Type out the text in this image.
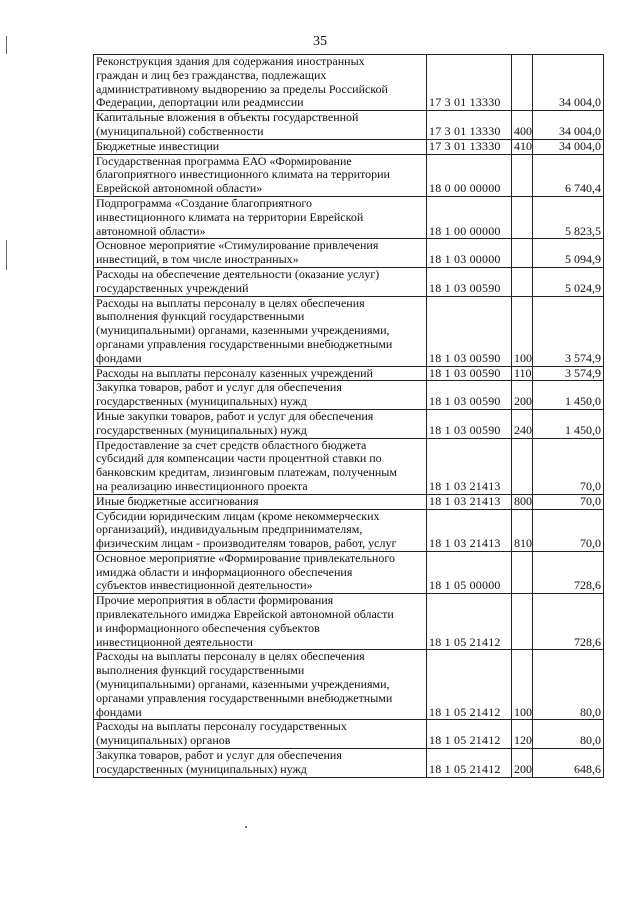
35
Реконструкция здания для содержания иностранных
граждан и лиц без гражданства, подлежащих
административному выдворению за пределы Российской
Федерации, депортации или реадмиссии	17 3 01 13330		34 004,0

Капитальные вложения в объекты государственной
(муниципальной) собственности	17 3 01 13330	400	34 004,0

Бюджетные инвестиции	17 3 01 13330	410	34 004,0

Государственная программа ЕАО «Формирование
благоприятного инвестиционного климата на территории
Еврейской автономной области»	18 0 00 00000		6 740,4

Подпрограмма «Создание благоприятного
инвестиционного климата на территории Еврейской
автономной области»	18 1 00 00000		5 823,5

Основное мероприятие «Стимулирование привлечения
инвестиций, в том числе иностранных»	18 1 03 00000		5 094,9

Расходы на обеспечение деятельности (оказание услуг)
государственных учреждений	18 1 03 00590		5 024,9

Расходы на выплаты персоналу в целях обеспечения
выполнения функций государственными
(муниципальными) органами, казенными учреждениями,
органами управления государственными внебюджетными
фондами	18 1 03 00590	100	3 574,9

Расходы на выплаты персоналу казенных учреждений	18 1 03 00590	110	3 574,9

Закупка товаров, работ и услуг для обеспечения
государственных (муниципальных) нужд	18 1 03 00590	200	1 450,0

Иные закупки товаров, работ и услуг для обеспечения
государственных (муниципальных) нужд	18 1 03 00590	240	1 450,0

Предоставление за счет средств областного бюджета
субсидий для компенсации части процентной ставки по
банковским кредитам, лизинговым платежам, полученным
на реализацию инвестиционного проекта	18 1 03 21413		70,0

Иные бюджетные ассигнования	18 1 03 21413	800	70,0

Субсидии юридическим лицам (кроме некоммерческих
организаций), индивидуальным предпринимателям,
физическим лицам - производителям товаров, работ, услуг	18 1 03 21413	810	70,0

Основное мероприятие «Формирование привлекательного
имиджа области и информационного обеспечения
субъектов инвестиционной деятельности»	18 1 05 00000		728,6

Прочие мероприятия в области формирования
привлекательного имиджа Еврейской автономной области
и информационного обеспечения субъектов
инвестиционной деятельности	18 1 05 21412		728,6

Расходы на выплаты персоналу в целях обеспечения
выполнения функций государственными
(муниципальными) органами, казенными учреждениями,
органами управления государственными внебюджетными
фондами	18 1 05 21412	100	80,0

Расходы на выплаты персоналу государственных
(муниципальных) органов	18 1 05 21412	120	80,0

Закупка товаров, работ и услуг для обеспечения
государственных (муниципальных) нужд	18 1 05 21412	200	648,6
